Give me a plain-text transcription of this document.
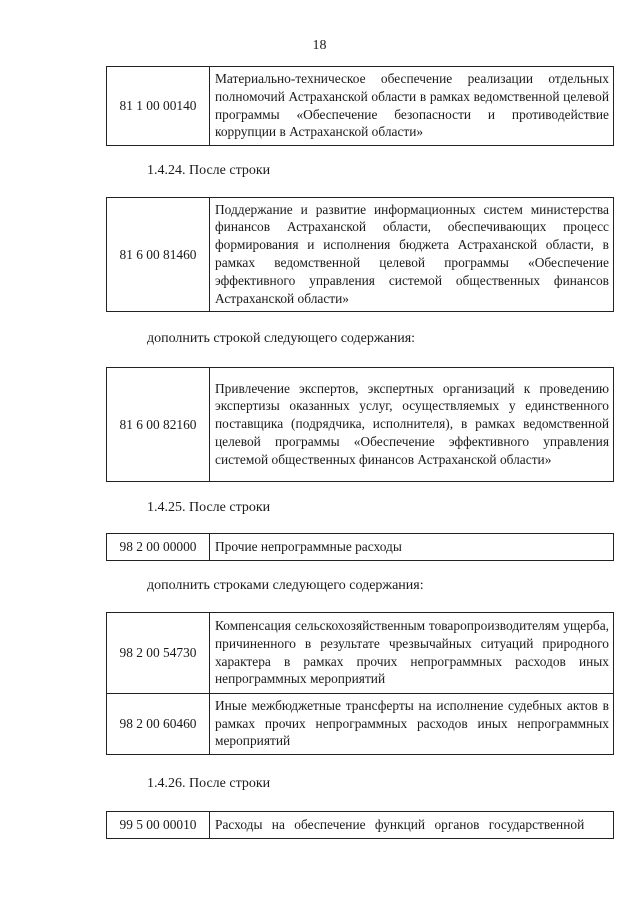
18
81 1 00 00140	Материально-техническое обеспечение реализации отдельных полномочий Астраханской области в рамках ведомственной целевой программы «Обеспечение безопасности и противодействие коррупции в Астраханской области»
1.4.24. После строки
81 6 00 81460	Поддержание и развитие информационных систем министерства финансов Астраханской области, обеспечивающих процесс формирования и исполнения бюджета Астраханской области, в рамках ведомственной целевой программы «Обеспечение эффективного управления системой общественных финансов Астраханской области»
дополнить строкой следующего содержания:
81 6 00 82160	Привлечение экспертов, экспертных организаций к проведению экспертизы оказанных услуг, осуществляемых у единственного поставщика (подрядчика, исполнителя), в рамках ведомственной целевой программы «Обеспечение эффективного управления системой общественных финансов Астраханской области»
1.4.25. После строки
98 2 00 00000	Прочие непрограммные расходы
дополнить строками следующего содержания:
98 2 00 54730	Компенсация сельскохозяйственным товаропроизводителям ущерба, причиненного в результате чрезвычайных ситуаций природного характера в рамках прочих непрограммных расходов иных непрограммных мероприятий
98 2 00 60460	Иные межбюджетные трансферты на исполнение судебных актов в рамках прочих непрограммных расходов иных непрограммных мероприятий
1.4.26. После строки
99 5 00 00010	Расходы на обеспечение функций органов государственной
